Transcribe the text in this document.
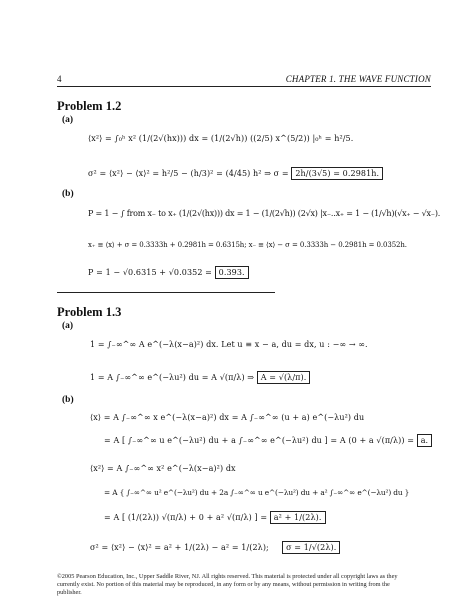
4	CHAPTER 1. THE WAVE FUNCTION
Problem 1.2
(a)
⟨x²⟩ = ∫₀ʰ x² (1/(2√(hx))) dx = (1/(2√h)) ((2/5) x^(5/2)) |₀ʰ = h²/5.
σ² = ⟨x²⟩ − ⟨x⟩² = h²/5 − (h/3)² = (4/45) h² ⇒ σ = 2h/(3√5) = 0.2981h.
(b)
P = 1 − ∫ from x₋ to x₊ (1/(2√(hx))) dx = 1 − (1/(2√h)) (2√x) |x₋..x₊ = 1 − (1/√h)(√x₊ − √x₋).
x₊ ≡ ⟨x⟩ + σ = 0.3333h + 0.2981h = 0.6315h; x₋ ≡ ⟨x⟩ − σ = 0.3333h − 0.2981h = 0.0352h.
P = 1 − √0.6315 + √0.0352 = 0.393.
Problem 1.3
(a)
1 = ∫₋∞^∞ A e^(−λ(x−a)²) dx. Let u ≡ x − a, du = dx, u : −∞ → ∞.
1 = A ∫₋∞^∞ e^(−λu²) du = A √(π/λ) ⇒ A = √(λ/π).
(b)
⟨x⟩ = A ∫₋∞^∞ x e^(−λ(x−a)²) dx = A ∫₋∞^∞ (u + a) e^(−λu²) du
= A [ ∫₋∞^∞ u e^(−λu²) du + a ∫₋∞^∞ e^(−λu²) du ] = A (0 + a √(π/λ)) = a.
⟨x²⟩ = A ∫₋∞^∞ x² e^(−λ(x−a)²) dx
= A { ∫₋∞^∞ u² e^(−λu²) du + 2a ∫₋∞^∞ u e^(−λu²) du + a² ∫₋∞^∞ e^(−λu²) du }
= A [ (1/(2λ)) √(π/λ) + 0 + a² √(π/λ) ] = a² + 1/(2λ).
σ² = ⟨x²⟩ − ⟨x⟩² = a² + 1/(2λ) − a² = 1/(2λ); σ = 1/√(2λ).
©2005 Pearson Education, Inc., Upper Saddle River, NJ. All rights reserved. This material is protected under all copyright laws as they
currently exist. No portion of this material may be reproduced, in any form or by any means, without permission in writing from the
publisher.
